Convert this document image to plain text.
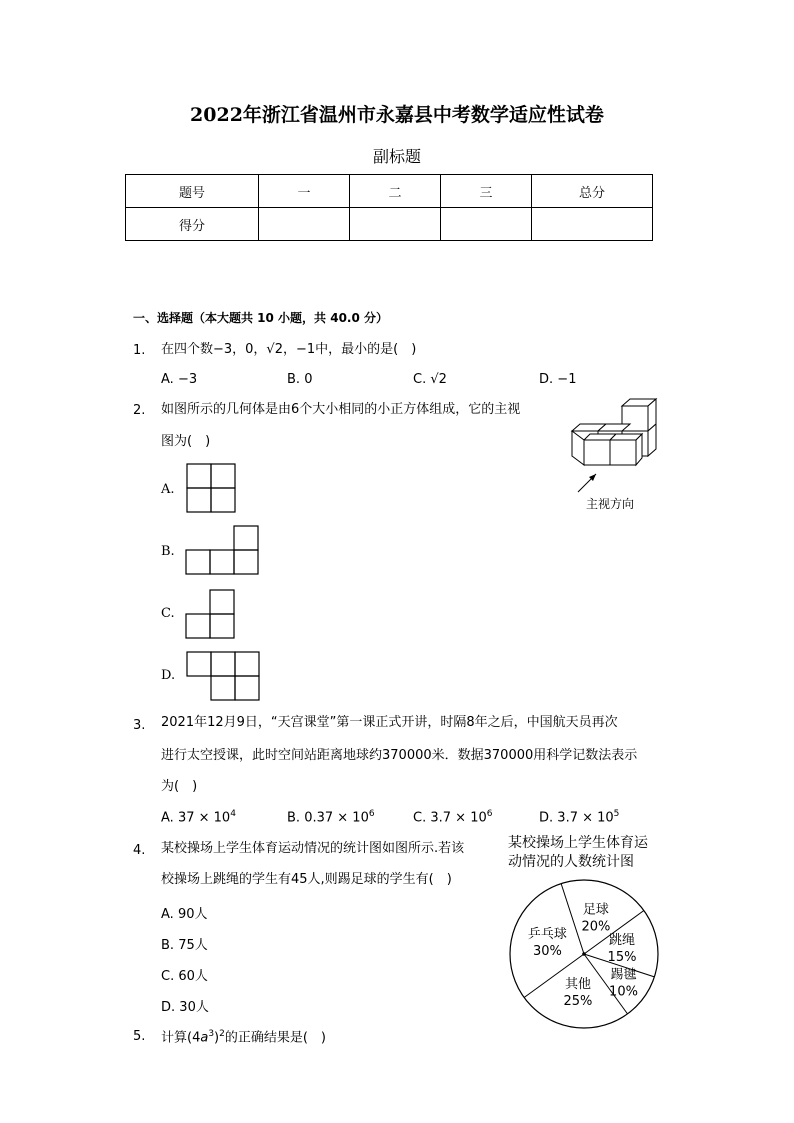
2022年浙江省温州市永嘉县中考数学适应性试卷
副标题
题号	一	二	三	总分
得分				
一、选择题（本大题共 10 小题，共 40.0 分）
1. 在四个数−3，0，√2，−1中，最小的是( )
A. −3	B. 0	C. √2	D. −1
2. 如图所示的几何体是由6个大小相同的小正方体组成，它的主视
图为( )
主视方向
A.
B.
C.
D.
3. 2021年12月9日，“天宫课堂”第一课正式开讲，时隔8年之后，中国航天员再次
进行太空授课，此时空间站距离地球约370000米．数据370000用科学记数法表示
为( )
A. $37 \times 10^4$	B. $0.37 \times 10^6$	C. $3.7 \times 10^6$	D. $3.7 \times 10^5$
4. 某校操场上学生体育运动情况的统计图如图所示.若该
校操场上跳绳的学生有45人,则踢足球的学生有( )
A. 90人
B. 75人
C. 60人
D. 30人
某校操场上学生体育运
动情况的人数统计图
足球
20%
跳绳
15%
踢毽
10%
其他
25%
乒乓球
30%
5. 计算$(4a^3)^2$的正确结果是( )
